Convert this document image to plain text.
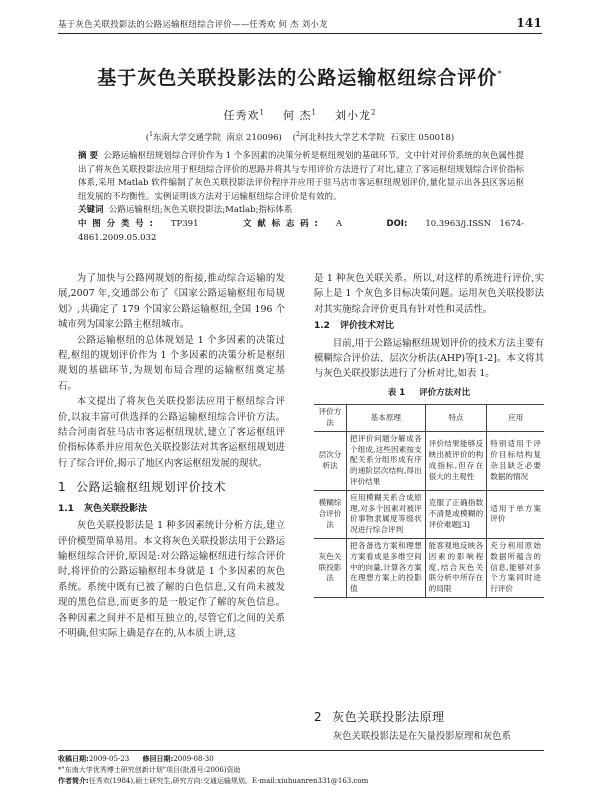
基于灰色关联投影法的公路运输枢纽综合评价——任秀欢 何 杰 刘小龙	141
基于灰色关联投影法的公路运输枢纽综合评价*
任秀欢$^1$ 何 杰$^1$ 刘小龙$^2$
($^1$东南大学交通学院 南京 210096)    ($^2$河北科技大学艺术学院 石家庄 050018)

摘 要 公路运输枢纽规划综合评价作为 1 个多因素的决策分析是枢纽规划的基础环节。文中针对评价系统的灰色属性提出了将灰色关联投影法应用于枢纽综合评价的思路并将其与专用评价方法进行了对比,建立了客运枢纽规划综合评价指标体系,采用 Matlab 软件编制了灰色关联投影法评价程序并应用于驻马店市客运枢纽规划评价,量化显示出各县区客运枢纽发展的不均衡性。实例证明该方法对于运输枢纽综合评价是有效的。

关键词 公路运输枢纽;灰色关联投影法;Matlab;指标体系

中图分类号: TP391	文献标志码: A	DOI: 10.3963/j.ISSN 1674-4861.2009.05.032

为了加快与公路网规划的衔接,推动综合运输的发展,2007 年,交通部公布了《国家公路运输枢纽布局规划》,共确定了 179 个国家公路运输枢纽,全国 196 个城市列为国家公路主枢纽城市。

公路运输枢纽的总体规划是 1 个多因素的决策过程,枢纽的规划评价作为 1 个多因素的决策分析是枢纽规划的基础环节,为规划布局合理的运输枢纽奠定基石。

本文提出了将灰色关联投影法应用于枢纽综合评价,以寂丰富可供选择的公路运输枢纽综合评价方法。结合河南省驻马店市客运枢纽现状,建立了客运枢纽评价指标体系并应用灰色关联投影法对其客运枢纽规划进行了综合评价,揭示了地区内客运枢纽发展的现状。

1 公路运输枢纽规划评价技术
1.1 灰色关联投影法

灰色关联投影法是 1 种多因素统计分析方法,建立评价模型简单易用。本文将灰色关联投影法用于公路运输枢纽综合评价,原因是:对公路运输枢纽进行综合评价时,将评价的公路运输枢纽本身就是 1 个多因素的灰色系统。系统中既有已被了解的白色信息,又有尚未被发现的黑色信息,而更多的是一般定作了解的灰色信息。各种因素之间并不是相互独立的,尽管它们之间的关系不明确,但实际上确是存在的,从本质上讲,这

是 1 种灰色关联关系。所以,对这样的系统进行评价,实际上是 1 个灰色多目标决策问题。运用灰色关联投影法对其实施综合评价更具有针对性和灵活性。

1.2 评价技术对比

目前,用于公路运输枢纽规划评价的技术方法主要有模糊综合评价法、层次分析法(AHP)等[1-2]。本文将其与灰色关联投影法进行了分析对比,如表 1。

表 1 评价方法对比
评价方法	基本原理	特点	应用
层次分析法	把评价问题分解成各个组成,这些因素按支配关系分组形成有序的递阶层次结构,得出评价结果	评价结果能够反映出被评价的构成指标,但存在很大的主观性	特别适用于评价目标结构复杂且缺乏必要数据的情况
模糊综合评价法	应用模糊关系合成原理,对多个因素对被评价事物隶属度等级状况进行综合评判	克服了正确指数不清楚或模糊的评价难题[3]	适用于单方案评价
灰色关联投影法	把各备选方案和理想方案看成是多维空间中的向量,计算各方案在理想方案上的投影值	能客观地反映各因素的影响程度,结合灰色关联分析中所存在的局限	充分利用原始数据所蕴含的信息,能够对多个方案同时进行评价
2 灰色关联投影法原理

灰色关联投影法是在矢量投影原理和灰色系

收稿日期:2009-05-23 修回日期:2009-08-30

*"东南大学优秀博士研究创新计划"项目(批准号:2006)资助

作者简介:任秀欢(1984),硕士研究生,研究方向:交通运输规划。E-mail:xiuhuanren331@163.com
